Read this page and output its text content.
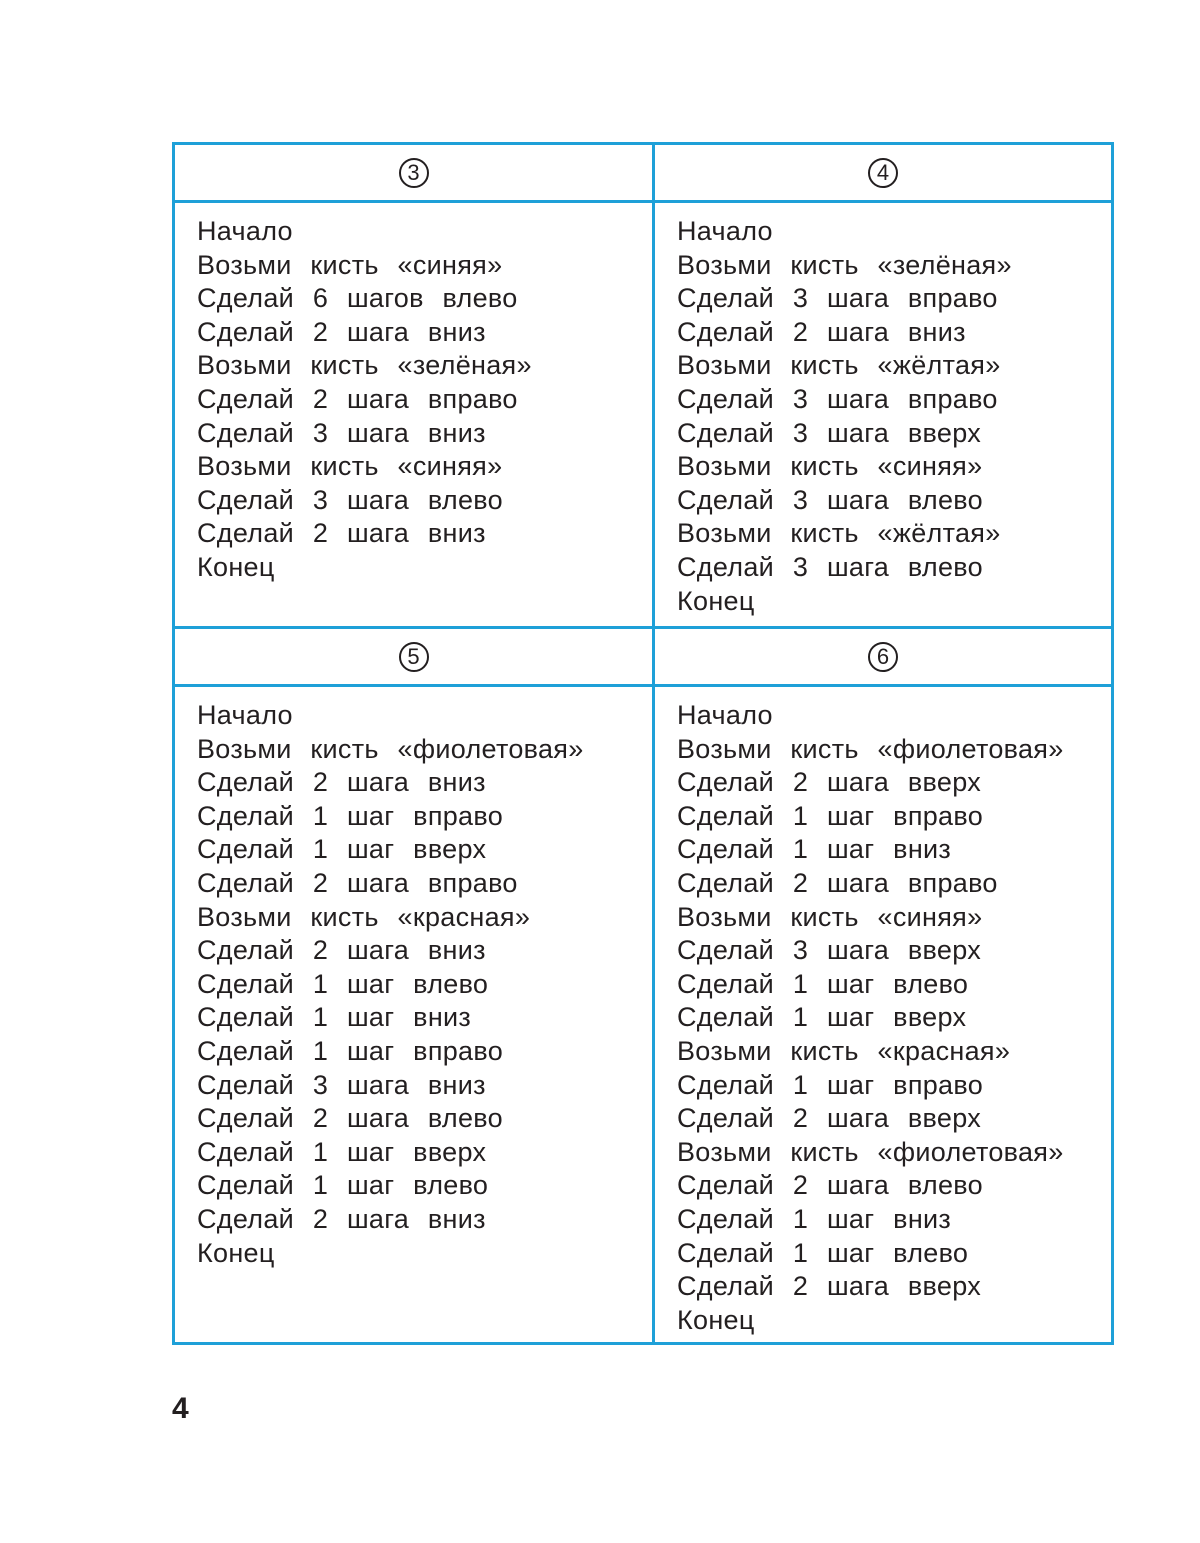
3	4
Начало
Возьми кисть «синяя»
Сделай 6 шагов влево
Сделай 2 шага вниз
Возьми кисть «зелёная»
Сделай 2 шага вправо
Сделай 3 шага вниз
Возьми кисть «синяя»
Сделай 3 шага влево
Сделай 2 шага вниз
Конец
Начало
Возьми кисть «зелёная»
Сделай 3 шага вправо
Сделай 2 шага вниз
Возьми кисть «жёлтая»
Сделай 3 шага вправо
Сделай 3 шага вверх
Возьми кисть «синяя»
Сделай 3 шага влево
Возьми кисть «жёлтая»
Сделай 3 шага влево
Конец
5	6
Начало
Возьми кисть «фиолетовая»
Сделай 2 шага вниз
Сделай 1 шаг вправо
Сделай 1 шаг вверх
Сделай 2 шага вправо
Возьми кисть «красная»
Сделай 2 шага вниз
Сделай 1 шаг влево
Сделай 1 шаг вниз
Сделай 1 шаг вправо
Сделай 3 шага вниз
Сделай 2 шага влево
Сделай 1 шаг вверх
Сделай 1 шаг влево
Сделай 2 шага вниз
Конец
Начало
Возьми кисть «фиолетовая»
Сделай 2 шага вверх
Сделай 1 шаг вправо
Сделай 1 шаг вниз
Сделай 2 шага вправо
Возьми кисть «синяя»
Сделай 3 шага вверх
Сделай 1 шаг влево
Сделай 1 шаг вверх
Возьми кисть «красная»
Сделай 1 шаг вправо
Сделай 2 шага вверх
Возьми кисть «фиолетовая»
Сделай 2 шага влево
Сделай 1 шаг вниз
Сделай 1 шаг влево
Сделай 2 шага вверх
Конец
4
